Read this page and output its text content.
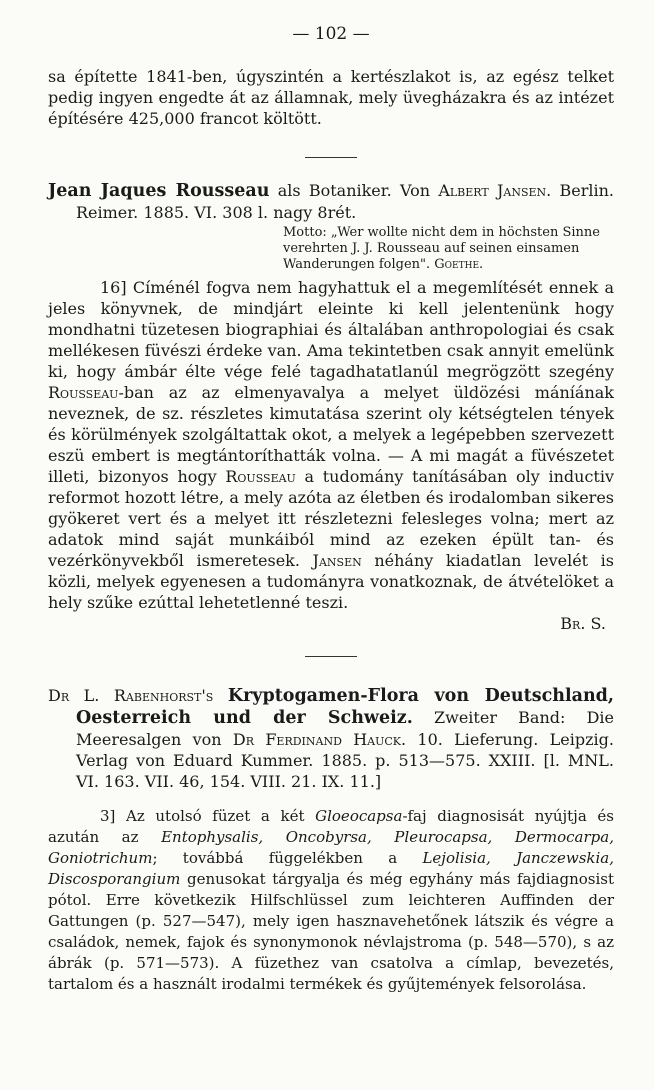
— 102 —

sa építette 1841-ben, úgyszintén a kertészlakot is, az egész telket pedig ingyen engedte át az államnak, mely üvegházakra és az intézet építésére 425,000 francot költött.

Jean Jaques Rousseau als Botaniker. Von Albert Jansen. Berlin. Reimer. 1885. VI. 308 l. nagy 8rét.

Motto: „Wer wollte nicht dem in höchsten Sinne verehrten J. J. Rousseau auf seinen einsamen Wanderungen folgen". Goethe.

16] Címénél fogva nem hagyhattuk el a megemlítését ennek a jeles könyvnek, de mindjárt eleinte ki kell jelentenünk hogy mondhatni tüzetesen biographiai és általában anthropologiai és csak mellékesen füvészi érdeke van. Ama tekintetben csak annyit emelünk ki, hogy ámbár élte vége felé tagadhatatlanúl megrögzött szegény Rousseau-ban az az elmenyavalya a melyet üldözési máníának neveznek, de sz. részletes kimutatása szerint oly kétségtelen tények és körülmények szolgáltattak okot, a melyek a legépebben szervezett eszü embert is megtántoríthatták volna. — A mi magát a füvészetet illeti, bizonyos hogy Rousseau a tudomány tanításában oly inductiv reformot hozott létre, a mely azóta az életben és irodalomban sikeres gyökeret vert és a melyet itt részletezni felesleges volna; mert az adatok mind saját munkáiból mind az ezeken épült tan- és vezérkönyvekből ismeretesek. Jansen néhány kiadatlan levelét is közli, melyek egyenesen a tudományra vonatkoznak, de átvételöket a hely szűke ezúttal lehetetlenné teszi.

Br. S.

Dr L. Rabenhorst's Kryptogamen-Flora von Deutschland, Oesterreich und der Schweiz. Zweiter Band: Die Meeresalgen von Dr Ferdinand Hauck. 10. Lieferung. Leipzig. Verlag von Eduard Kummer. 1885. p. 513—575. XXIII. [l. MNL. VI. 163. VII. 46, 154. VIII. 21. IX. 11.]

3] Az utolsó füzet a két Gloeocapsa-faj diagnosisát nyújtja és azután az Entophysalis, Oncobyrsa, Pleurocapsa, Dermocarpa, Goniotrichum; továbbá függelékben a Lejolisia, Janczewskia, Discosporangium genusokat tárgyalja és még egyhány más fajdiagnosist pótol. Erre következik Hilfschlüssel zum leichteren Auffinden der Gattungen (p. 527—547), mely igen hasznavehetőnek látszik és végre a családok, nemek, fajok és synonymonok névlajstroma (p. 548—570), s az ábrák (p. 571—573). A füzethez van csatolva a címlap, bevezetés, tartalom és a használt irodalmi termékek és gyűjtemények felsorolása.
